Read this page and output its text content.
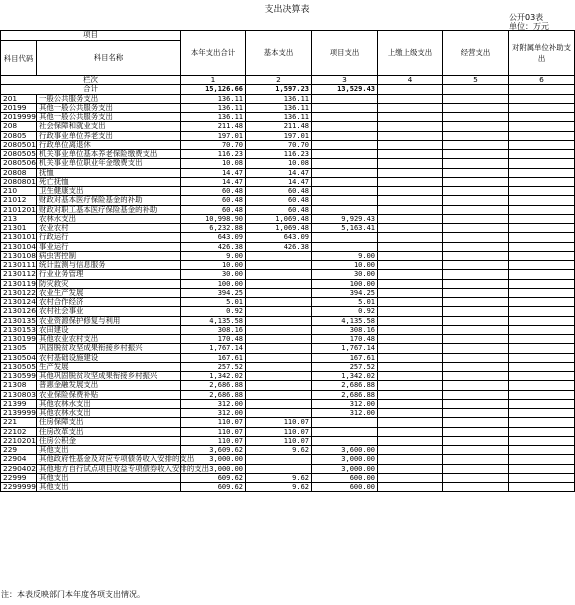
支出决算表
公开03表
单位：万元
项目		本年支出合计	基本支出	项目支出	上缴上级支出	经营支出	对附属单位补助支出
科目代码	科目名称						
栏次		1	2	3	4	5	6
合计		15,126.66	1,597.23	13,529.43			
201	一般公共服务支出	136.11	136.11				
20199	其他一般公共服务支出	136.11	136.11				
2019999	其他一般公共服务支出	136.11	136.11				
208	社会保障和就业支出	211.48	211.48				
20805	行政事业单位养老支出	197.01	197.01				
2080501	行政单位离退休	70.70	70.70				
2080505	机关事业单位基本养老保险缴费支出	116.23	116.23				
2080506	机关事业单位职业年金缴费支出	10.08	10.08				
20808	抚恤	14.47	14.47				
2080801	死亡抚恤	14.47	14.47				
210	卫生健康支出	60.48	60.48				
21012	财政对基本医疗保险基金的补助	60.48	60.48				
2101201	财政对职工基本医疗保险基金的补助	60.48	60.48				
213	农林水支出	10,998.90	1,069.48	9,929.43			
21301	农业农村	6,232.88	1,069.48	5,163.41			
2130101	行政运行	643.09	643.09				
2130104	事业运行	426.38	426.38				
2130108	病虫害控制	9.00		9.00			
2130111	统计监测与信息服务	10.00		10.00			
2130112	行业业务管理	30.00		30.00			
2130119	防灾救灾	100.00		100.00			
2130122	农业生产发展	394.25		394.25			
2130124	农村合作经济	5.01		5.01			
2130126	农村社会事业	0.92		0.92			
2130135	农业资源保护修复与利用	4,135.58		4,135.58			
2130153	农田建设	308.16		308.16			
2130199	其他农业农村支出	170.48		170.48			
21305	巩固脱贫攻坚成果衔接乡村振兴	1,767.14		1,767.14			
2130504	农村基础设施建设	167.61		167.61			
2130505	生产发展	257.52		257.52			
2130599	其他巩固脱贫攻坚成果衔接乡村振兴	1,342.02		1,342.02			
21308	普惠金融发展支出	2,686.88		2,686.88			
2130803	农业保险保费补贴	2,686.88		2,686.88			
21399	其他农林水支出	312.00		312.00			
2139999	其他农林水支出	312.00		312.00			
221	住房保障支出	110.07	110.07				
22102	住房改革支出	110.07	110.07				
2210201	住房公积金	110.07	110.07				
229	其他支出	3,609.62	9.62	3,600.00			
22904	其他政府性基金及对应专项债务收入安排的支出	3,000.00		3,000.00			
2290402	其他地方自行试点项目收益专项债券收入安排的支出	3,000.00		3,000.00			
22999	其他支出	609.62	9.62	600.00			
2299999	其他支出	609.62	9.62	600.00			
注：本表反映部门本年度各项支出情况。
